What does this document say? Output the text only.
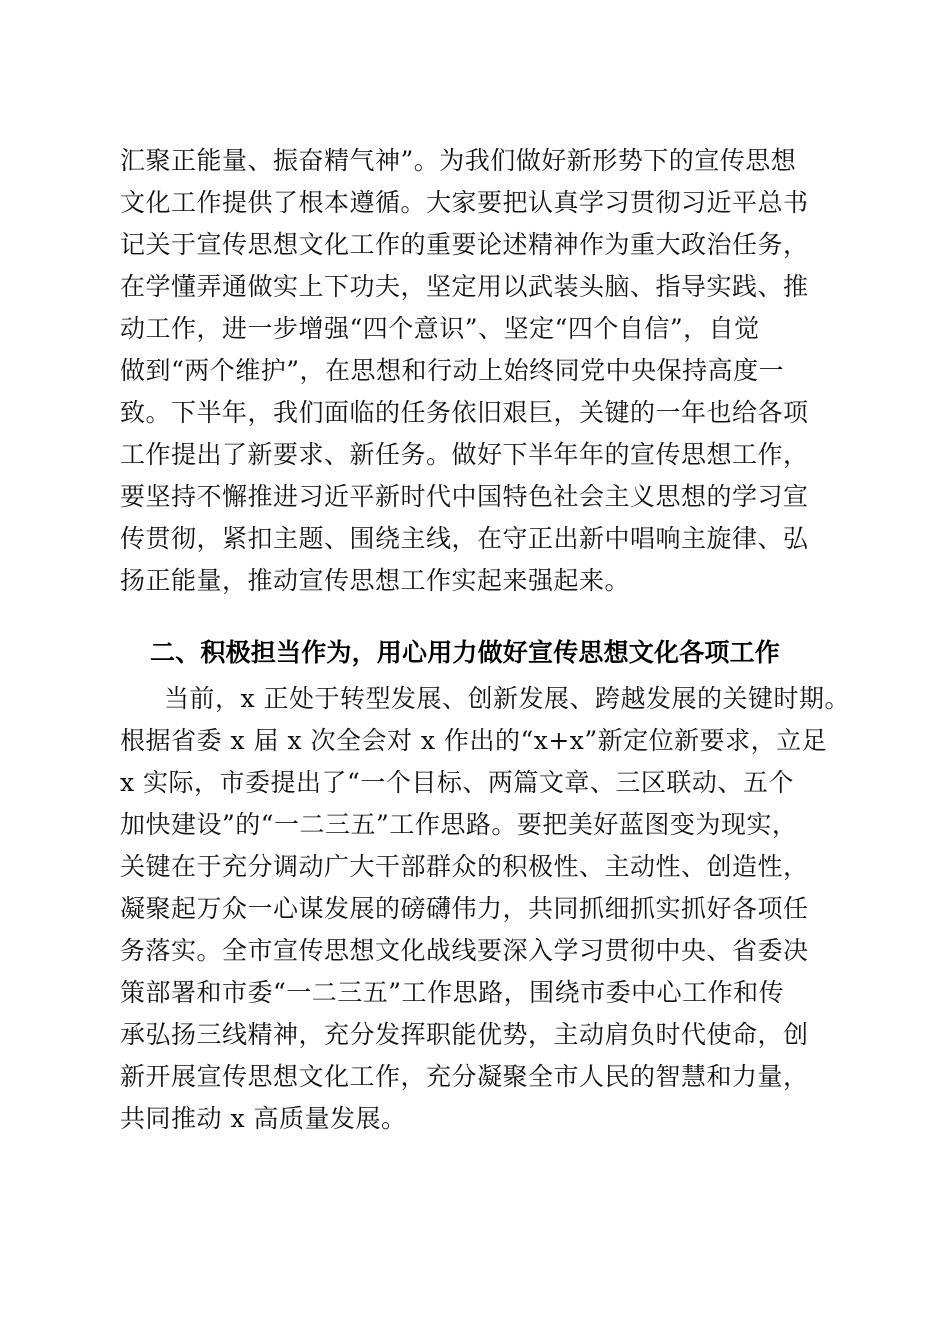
汇聚正能量、振奋精气神”。为我们做好新形势下的宣传思想
文化工作提供了根本遵循。大家要把认真学习贯彻习近平总书
记关于宣传思想文化工作的重要论述精神作为重大政治任务，
在学懂弄通做实上下功夫，坚定用以武装头脑、指导实践、推
动工作，进一步增强“四个意识”、坚定“四个自信”，自觉
做到“两个维护”，在思想和行动上始终同党中央保持高度一
致。下半年，我们面临的任务依旧艰巨，关键的一年也给各项
工作提出了新要求、新任务。做好下半年年的宣传思想工作，
要坚持不懈推进习近平新时代中国特色社会主义思想的学习宣
传贯彻，紧扣主题、围绕主线，在守正出新中唱响主旋律、弘
扬正能量，推动宣传思想工作实起来强起来。
二、积极担当作为，用心用力做好宣传思想文化各项工作
当前，x 正处于转型发展、创新发展、跨越发展的关键时期。
根据省委 x 届 x 次全会对 x 作出的“x+x”新定位新要求，立足
x 实际，市委提出了“一个目标、两篇文章、三区联动、五个
加快建设”的“一二三五”工作思路。要把美好蓝图变为现实，
关键在于充分调动广大干部群众的积极性、主动性、创造性，
凝聚起万众一心谋发展的磅礴伟力，共同抓细抓实抓好各项任
务落实。全市宣传思想文化战线要深入学习贯彻中央、省委决
策部署和市委“一二三五”工作思路，围绕市委中心工作和传
承弘扬三线精神，充分发挥职能优势，主动肩负时代使命，创
新开展宣传思想文化工作，充分凝聚全市人民的智慧和力量，
共同推动 x 高质量发展。
